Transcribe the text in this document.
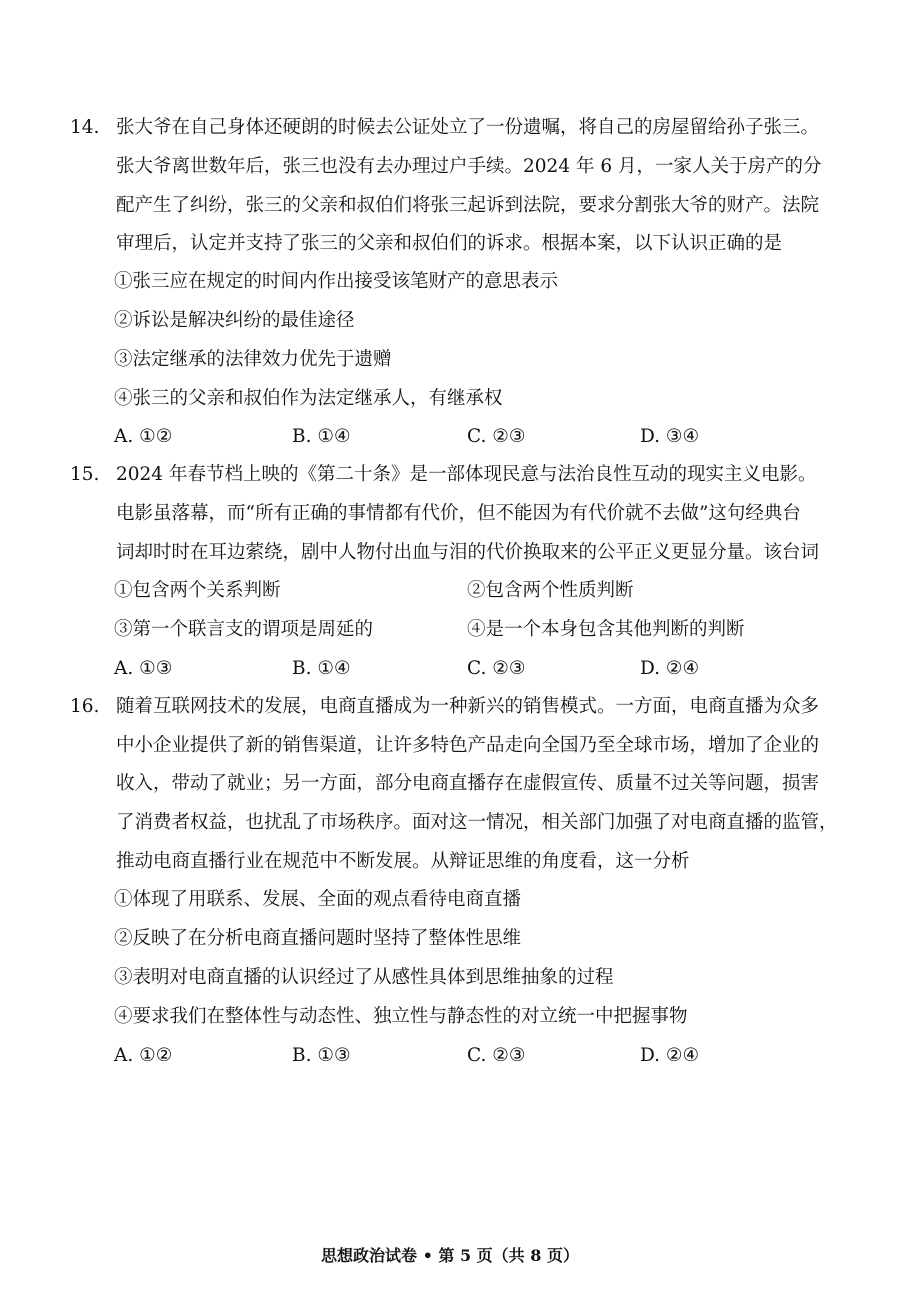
14. 张大爷在自己身体还硬朗的时候去公证处立了一份遗嘱，将自己的房屋留给孙子张三。
张大爷离世数年后，张三也没有去办理过户手续。2024 年 6 月，一家人关于房产的分
配产生了纠纷，张三的父亲和叔伯们将张三起诉到法院，要求分割张大爷的财产。法院
审理后，认定并支持了张三的父亲和叔伯们的诉求。根据本案，以下认识正确的是
①张三应在规定的时间内作出接受该笔财产的意思表示
②诉讼是解决纠纷的最佳途径
③法定继承的法律效力优先于遗赠
④张三的父亲和叔伯作为法定继承人，有继承权
A. ①②	B. ①④	C. ②③	D. ③④
15. 2024 年春节档上映的《第二十条》是一部体现民意与法治良性互动的现实主义电影。
电影虽落幕，而“所有正确的事情都有代价，但不能因为有代价就不去做”这句经典台
词却时时在耳边萦绕，剧中人物付出血与泪的代价换取来的公平正义更显分量。该台词
①包含两个关系判断	②包含两个性质判断
③第一个联言支的谓项是周延的	④是一个本身包含其他判断的判断
A. ①③	B. ①④	C. ②③	D. ②④
16. 随着互联网技术的发展，电商直播成为一种新兴的销售模式。一方面，电商直播为众多
中小企业提供了新的销售渠道，让许多特色产品走向全国乃至全球市场，增加了企业的
收入，带动了就业；另一方面，部分电商直播存在虚假宣传、质量不过关等问题，损害
了消费者权益，也扰乱了市场秩序。面对这一情况，相关部门加强了对电商直播的监管，
推动电商直播行业在规范中不断发展。从辩证思维的角度看，这一分析
①体现了用联系、发展、全面的观点看待电商直播
②反映了在分析电商直播问题时坚持了整体性思维
③表明对电商直播的认识经过了从感性具体到思维抽象的过程
④要求我们在整体性与动态性、独立性与静态性的对立统一中把握事物
A. ①②	B. ①③	C. ②③	D. ②④
思想政治试卷 • 第 5 页（共 8 页）
